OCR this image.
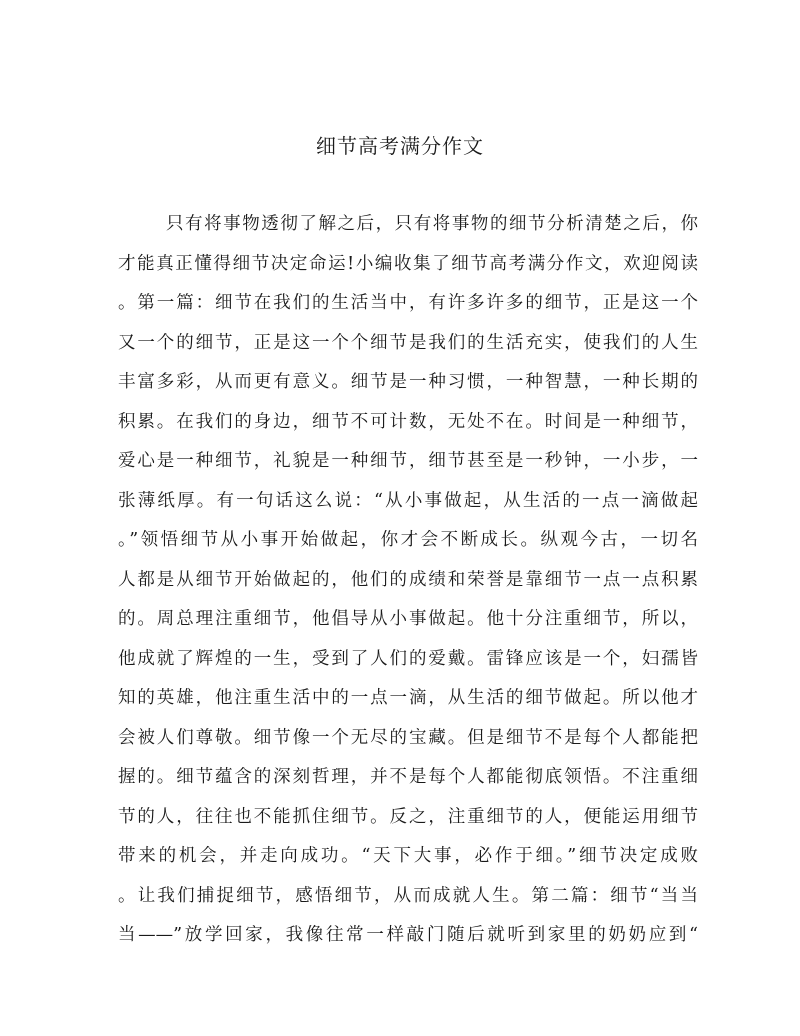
细节高考满分作文
只有将事物透彻了解之后，只有将事物的细节分析清楚之后，你
才能真正懂得细节决定命运!小编收集了细节高考满分作文，欢迎阅读
。第一篇：细节在我们的生活当中，有许多许多的细节，正是这一个
又一个的细节，正是这一个个细节是我们的生活充实，使我们的人生
丰富多彩，从而更有意义。细节是一种习惯，一种智慧，一种长期的
积累。在我们的身边，细节不可计数，无处不在。时间是一种细节，
爱心是一种细节，礼貌是一种细节，细节甚至是一秒钟，一小步，一
张薄纸厚。有一句话这么说：“从小事做起，从生活的一点一滴做起
。”领悟细节从小事开始做起，你才会不断成长。纵观今古，一切名
人都是从细节开始做起的，他们的成绩和荣誉是靠细节一点一点积累
的。周总理注重细节，他倡导从小事做起。他十分注重细节，所以，
他成就了辉煌的一生，受到了人们的爱戴。雷锋应该是一个，妇孺皆
知的英雄，他注重生活中的一点一滴，从生活的细节做起。所以他才
会被人们尊敬。细节像一个无尽的宝藏。但是细节不是每个人都能把
握的。细节蕴含的深刻哲理，并不是每个人都能彻底领悟。不注重细
节的人，往往也不能抓住细节。反之，注重细节的人，便能运用细节
带来的机会，并走向成功。“天下大事，必作于细。”细节决定成败
。让我们捕捉细节，感悟细节，从而成就人生。第二篇：细节“当当
当——”放学回家，我像往常一样敲门随后就听到家里的奶奶应到“
